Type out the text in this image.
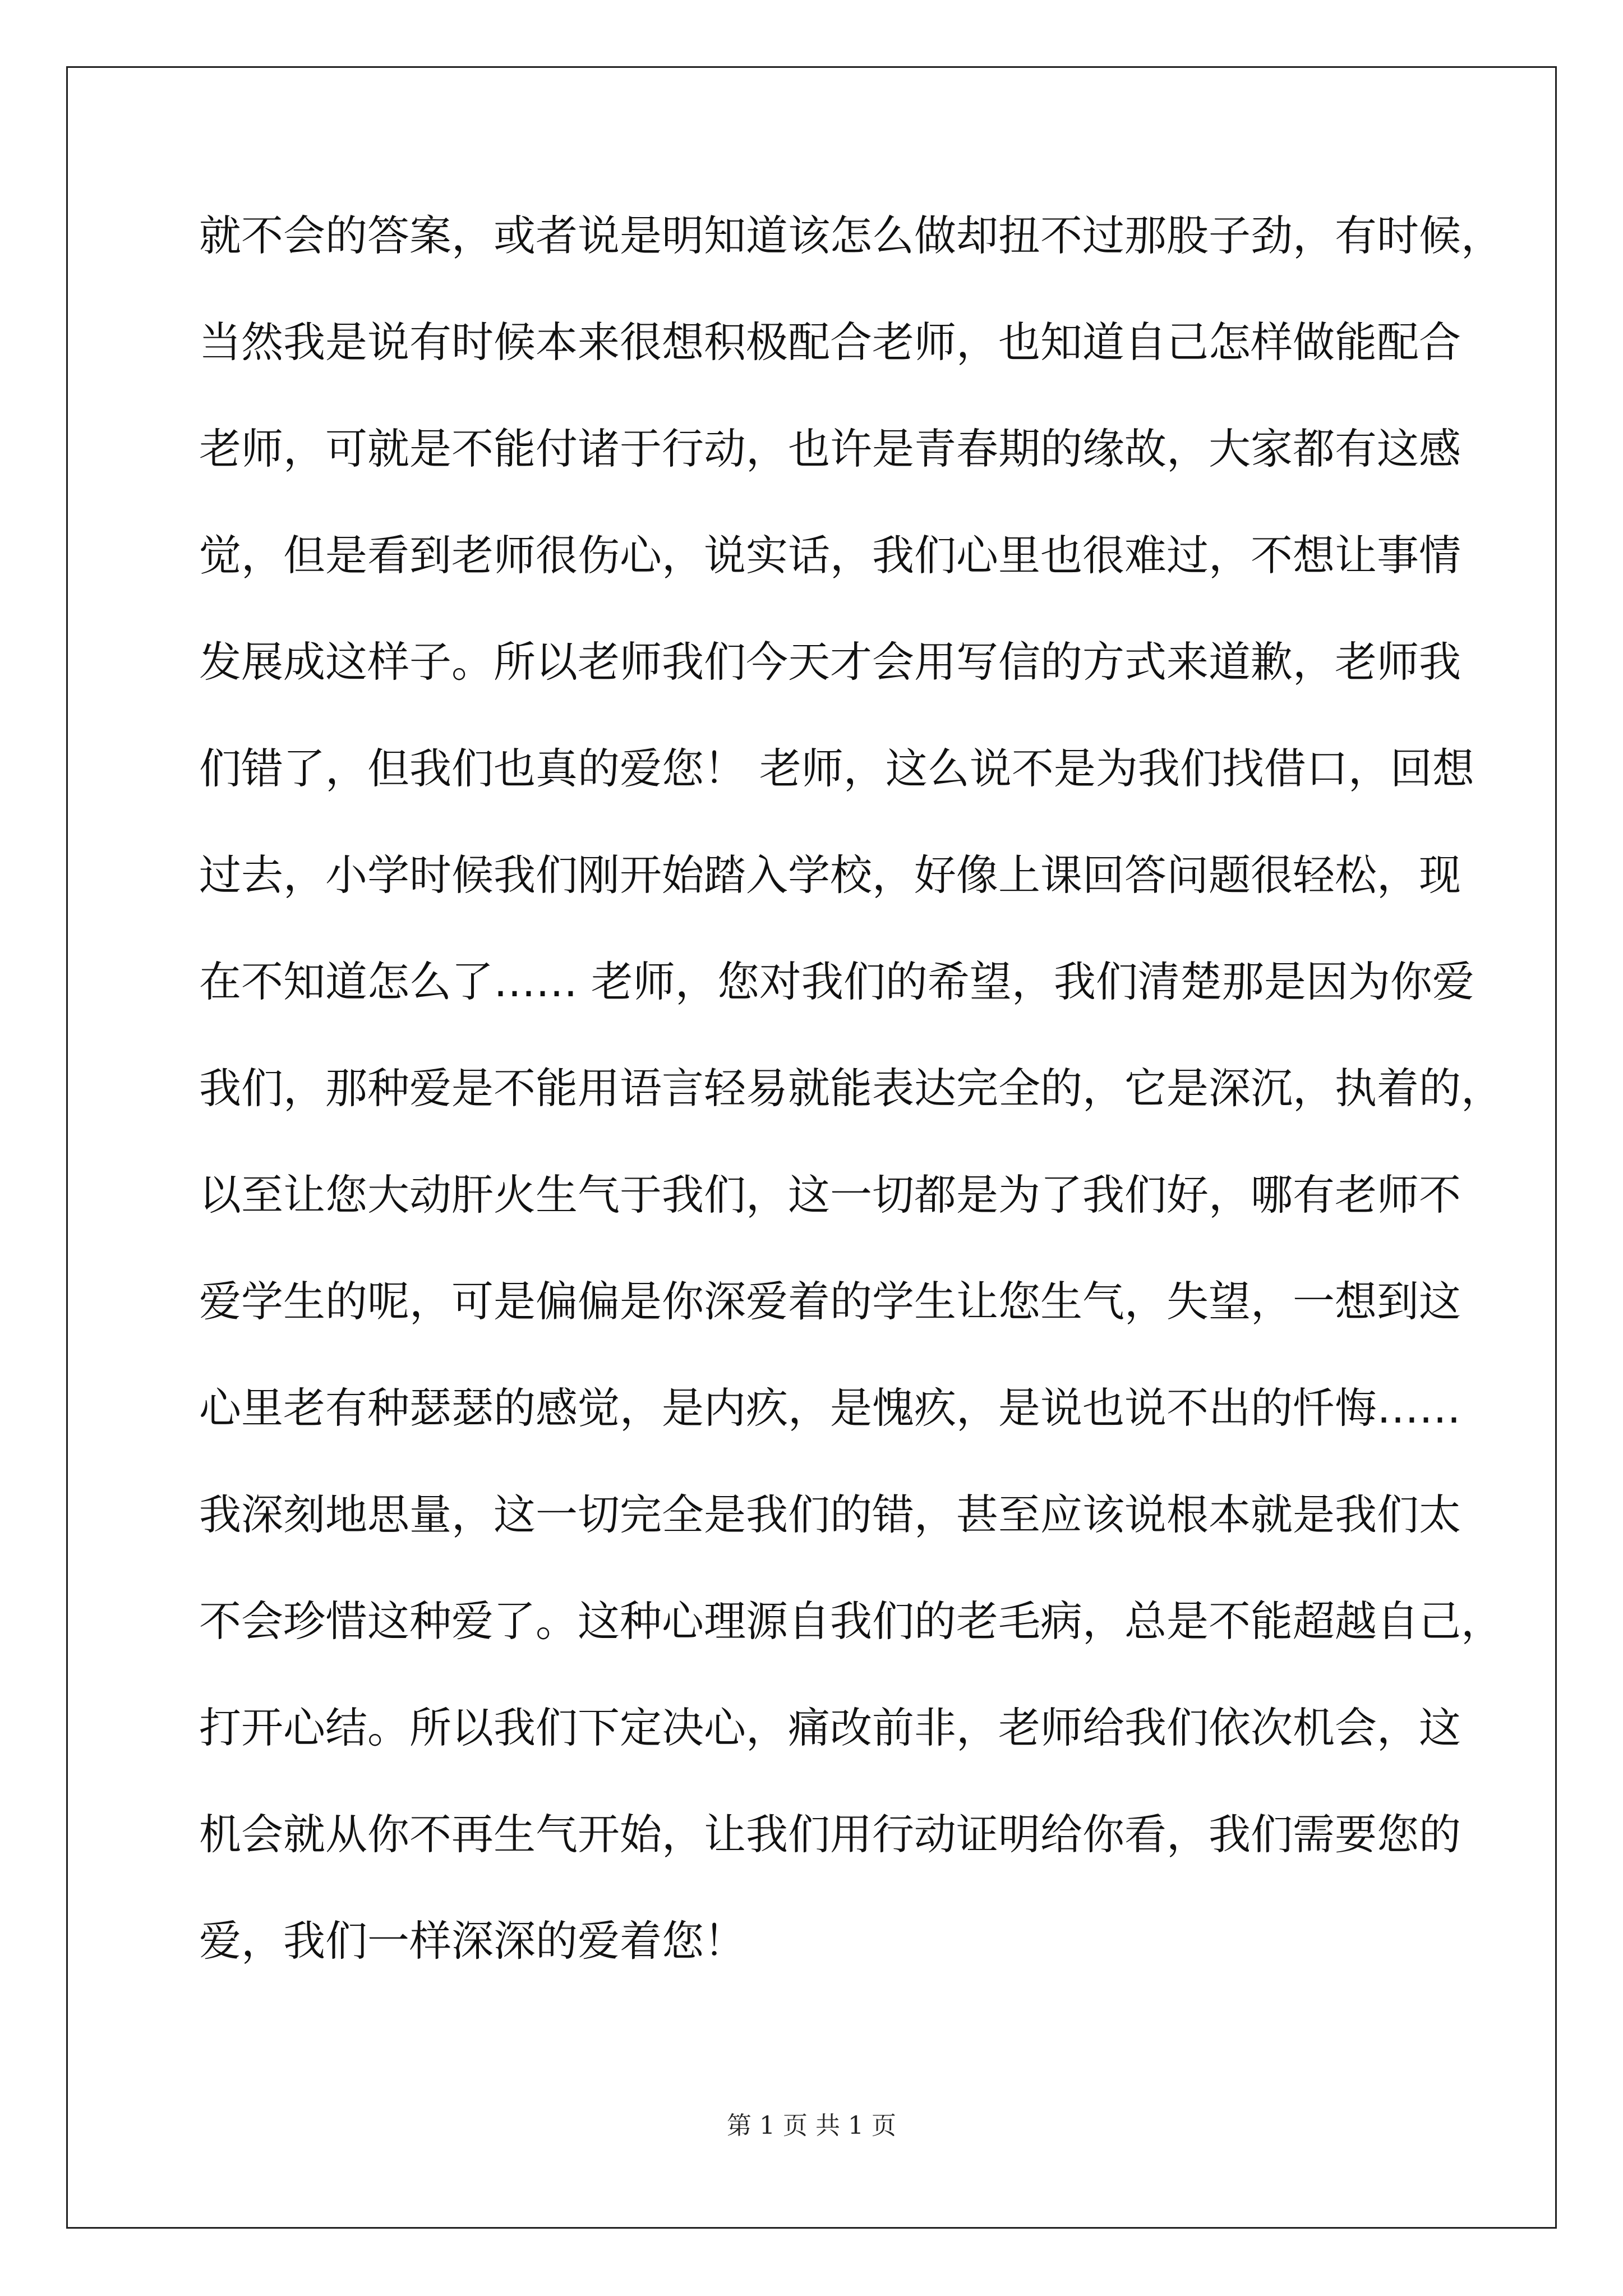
就不会的答案，或者说是明知道该怎么做却扭不过那股子劲，有时候，
当然我是说有时候本来很想积极配合老师，也知道自己怎样做能配合
老师，可就是不能付诸于行动，也许是青春期的缘故，大家都有这感
觉，但是看到老师很伤心，说实话，我们心里也很难过，不想让事情
发展成这样子。所以老师我们今天才会用写信的方式来道歉，老师我
们错了，但我们也真的爱您！ 老师，这么说不是为我们找借口，回想
过去，小学时候我们刚开始踏入学校，好像上课回答问题很轻松，现
在不知道怎么了…… 老师，您对我们的希望，我们清楚那是因为你爱
我们，那种爱是不能用语言轻易就能表达完全的，它是深沉，执着的，
以至让您大动肝火生气于我们，这一切都是为了我们好，哪有老师不
爱学生的呢，可是偏偏是你深爱着的学生让您生气，失望，一想到这
心里老有种瑟瑟的感觉，是内疚，是愧疚，是说也说不出的忏悔……
我深刻地思量，这一切完全是我们的错，甚至应该说根本就是我们太
不会珍惜这种爱了。这种心理源自我们的老毛病，总是不能超越自己，
打开心结。所以我们下定决心，痛改前非，老师给我们依次机会，这
机会就从你不再生气开始，让我们用行动证明给你看，我们需要您的
爱，我们一样深深的爱着您！
第 1 页 共 1 页
